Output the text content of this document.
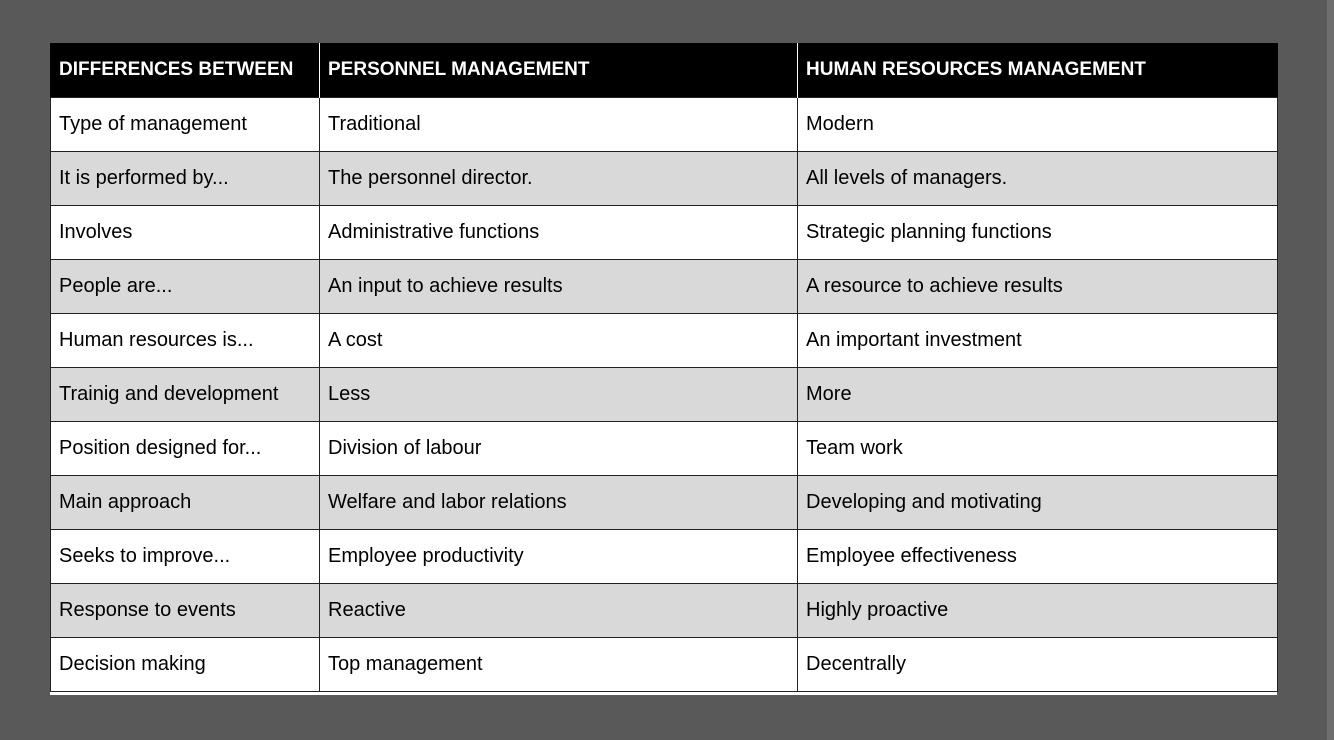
DIFFERENCES BETWEEN	PERSONNEL MANAGEMENT	HUMAN RESOURCES MANAGEMENT
Type of management	Traditional	Modern
It is performed by...	The personnel director.	All levels of managers.
Involves	Administrative functions	Strategic planning functions
People are...	An input to achieve results	A resource to achieve results
Human resources is...	A cost	An important investment
Trainig and development	Less	More
Position designed for...	Division of labour	Team work
Main approach	Welfare and labor relations	Developing and motivating
Seeks to improve...	Employee productivity	Employee effectiveness
Response to events	Reactive	Highly proactive
Decision making	Top management	Decentrally
